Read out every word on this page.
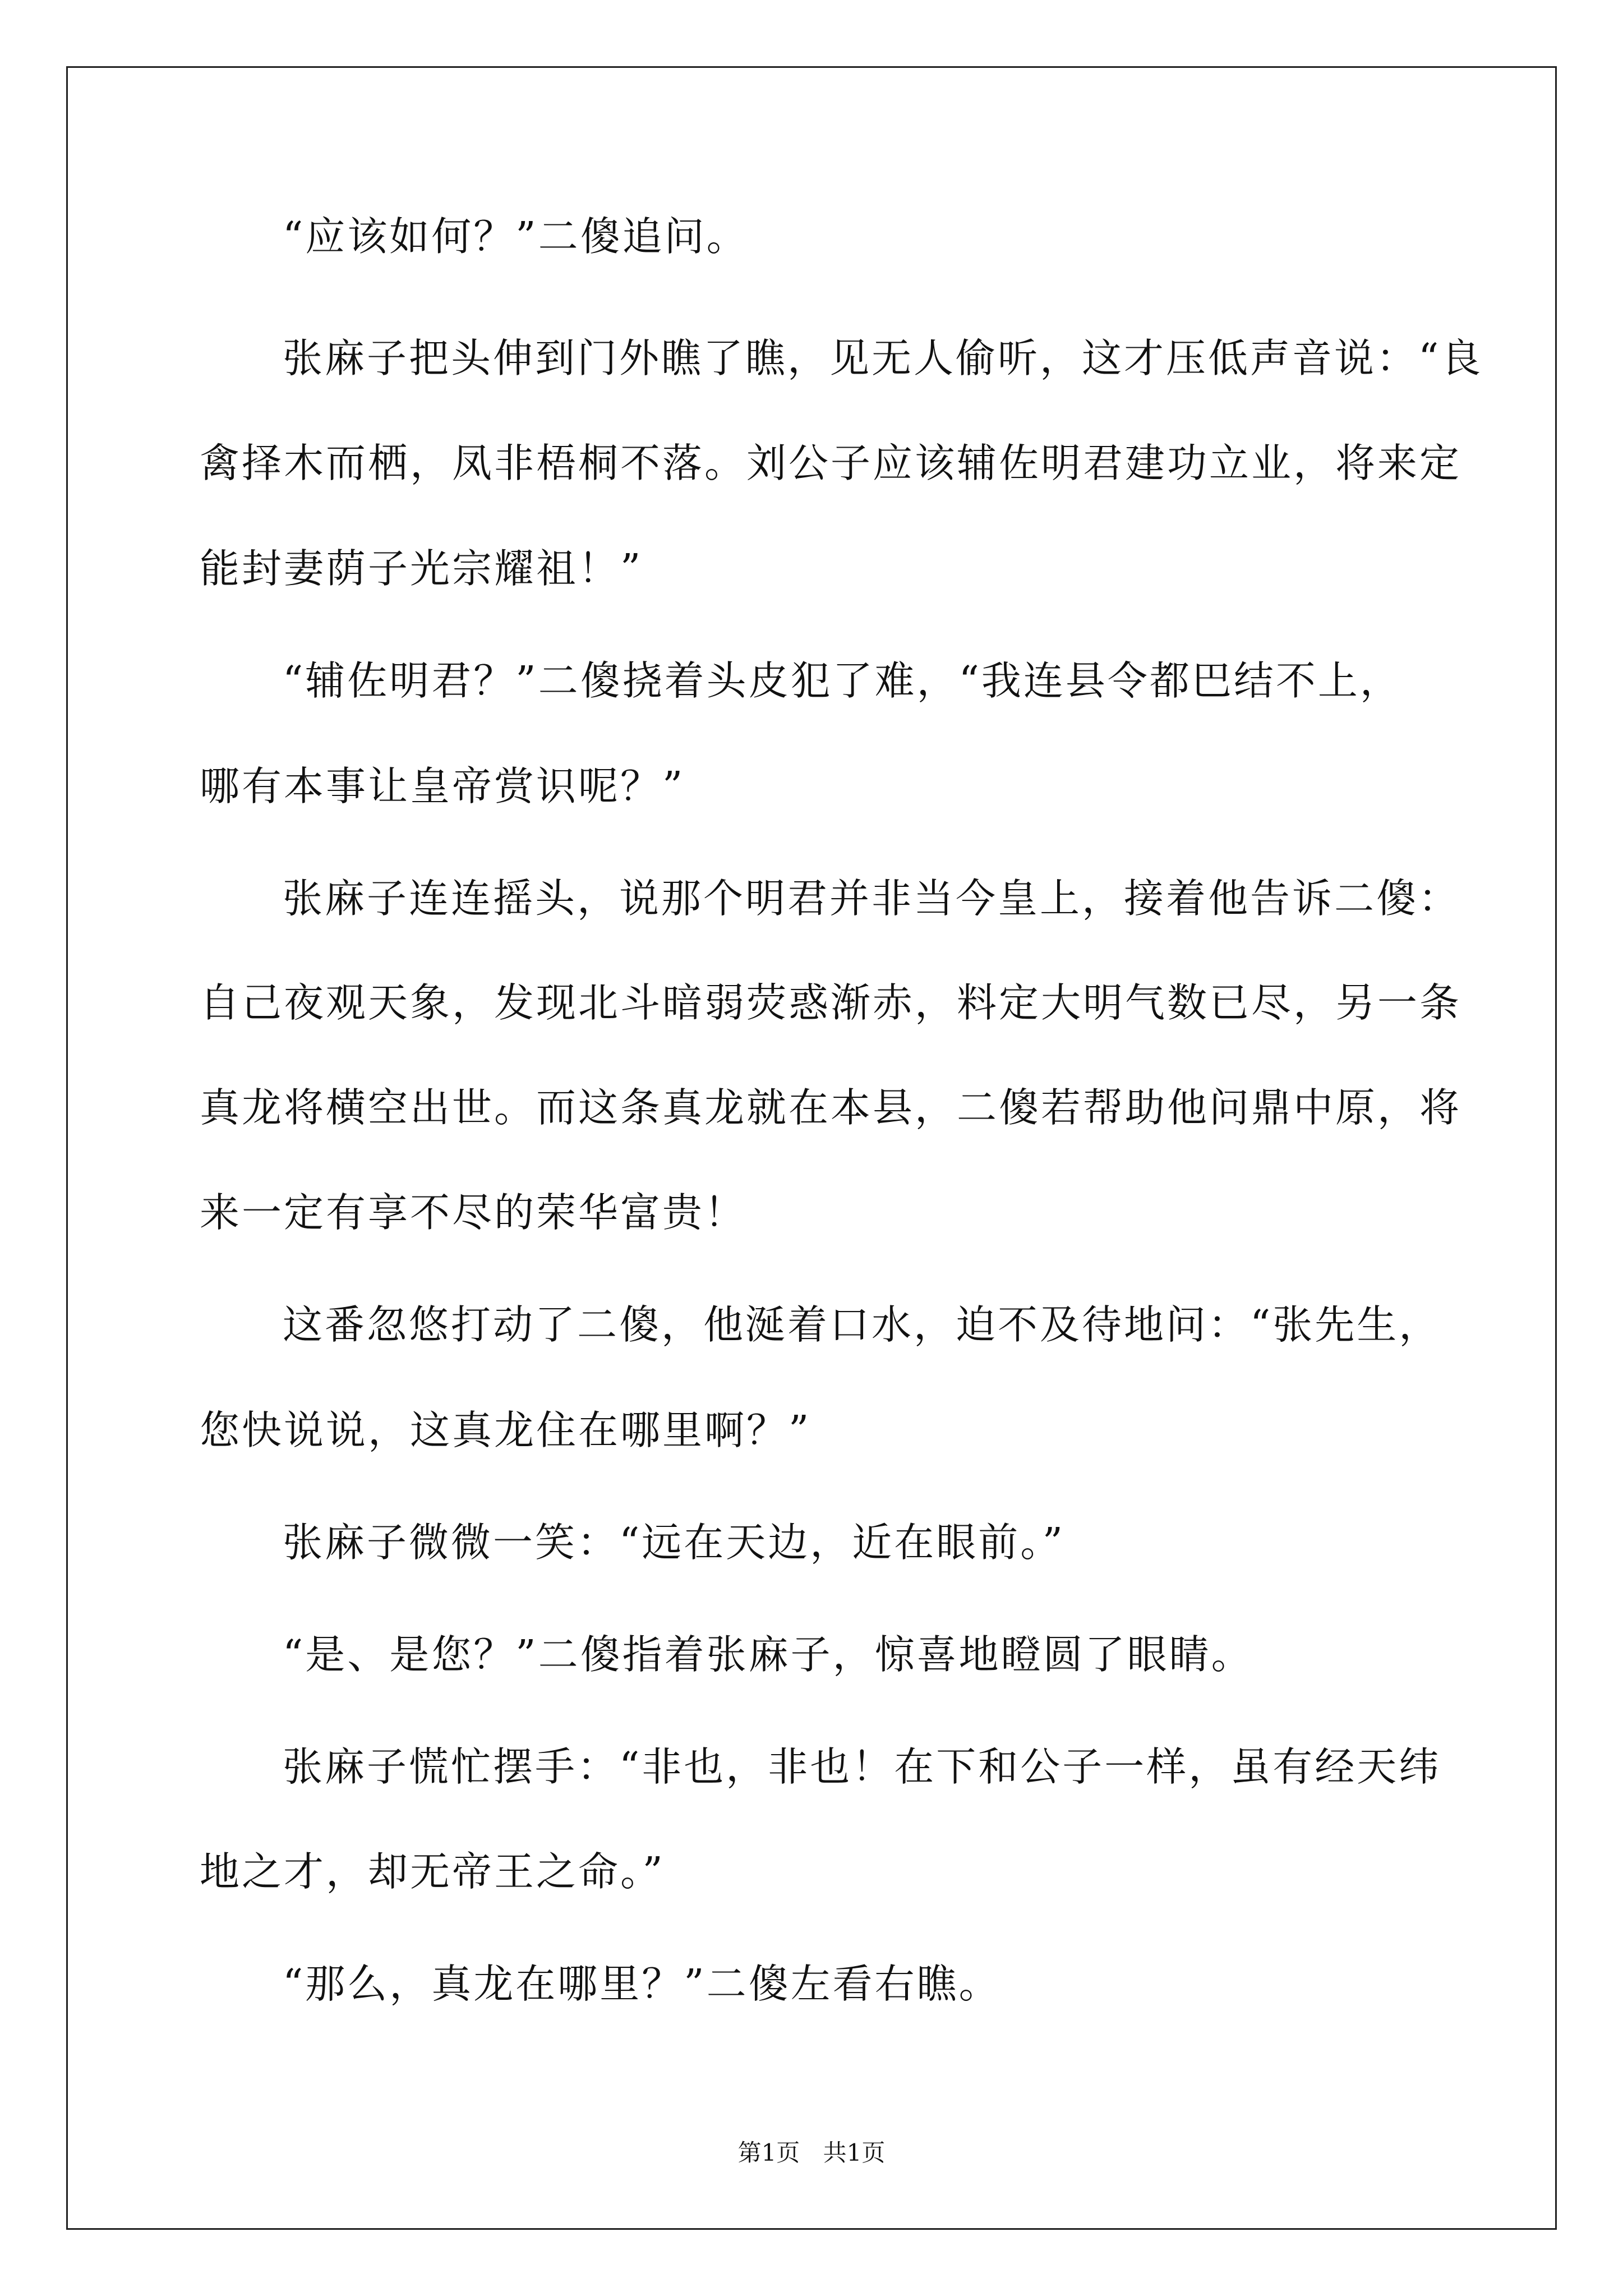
“应该如何？”二傻追问。
张麻子把头伸到门外瞧了瞧，见无人偷听，这才压低声音说：“良
禽择木而栖，凤非梧桐不落。刘公子应该辅佐明君建功立业，将来定
能封妻荫子光宗耀祖！”
“辅佐明君？”二傻挠着头皮犯了难，“我连县令都巴结不上，
哪有本事让皇帝赏识呢？”
张麻子连连摇头，说那个明君并非当今皇上，接着他告诉二傻：
自己夜观天象，发现北斗暗弱荧惑渐赤，料定大明气数已尽，另一条
真龙将横空出世。而这条真龙就在本县，二傻若帮助他问鼎中原，将
来一定有享不尽的荣华富贵！
这番忽悠打动了二傻，他涎着口水，迫不及待地问：“张先生，
您快说说，这真龙住在哪里啊？”
张麻子微微一笑：“远在天边，近在眼前。”
“是、是您？”二傻指着张麻子，惊喜地瞪圆了眼睛。
张麻子慌忙摆手：“非也，非也！在下和公子一样，虽有经天纬
地之才，却无帝王之命。”
“那么，真龙在哪里？”二傻左看右瞧。
第1页 共1页
